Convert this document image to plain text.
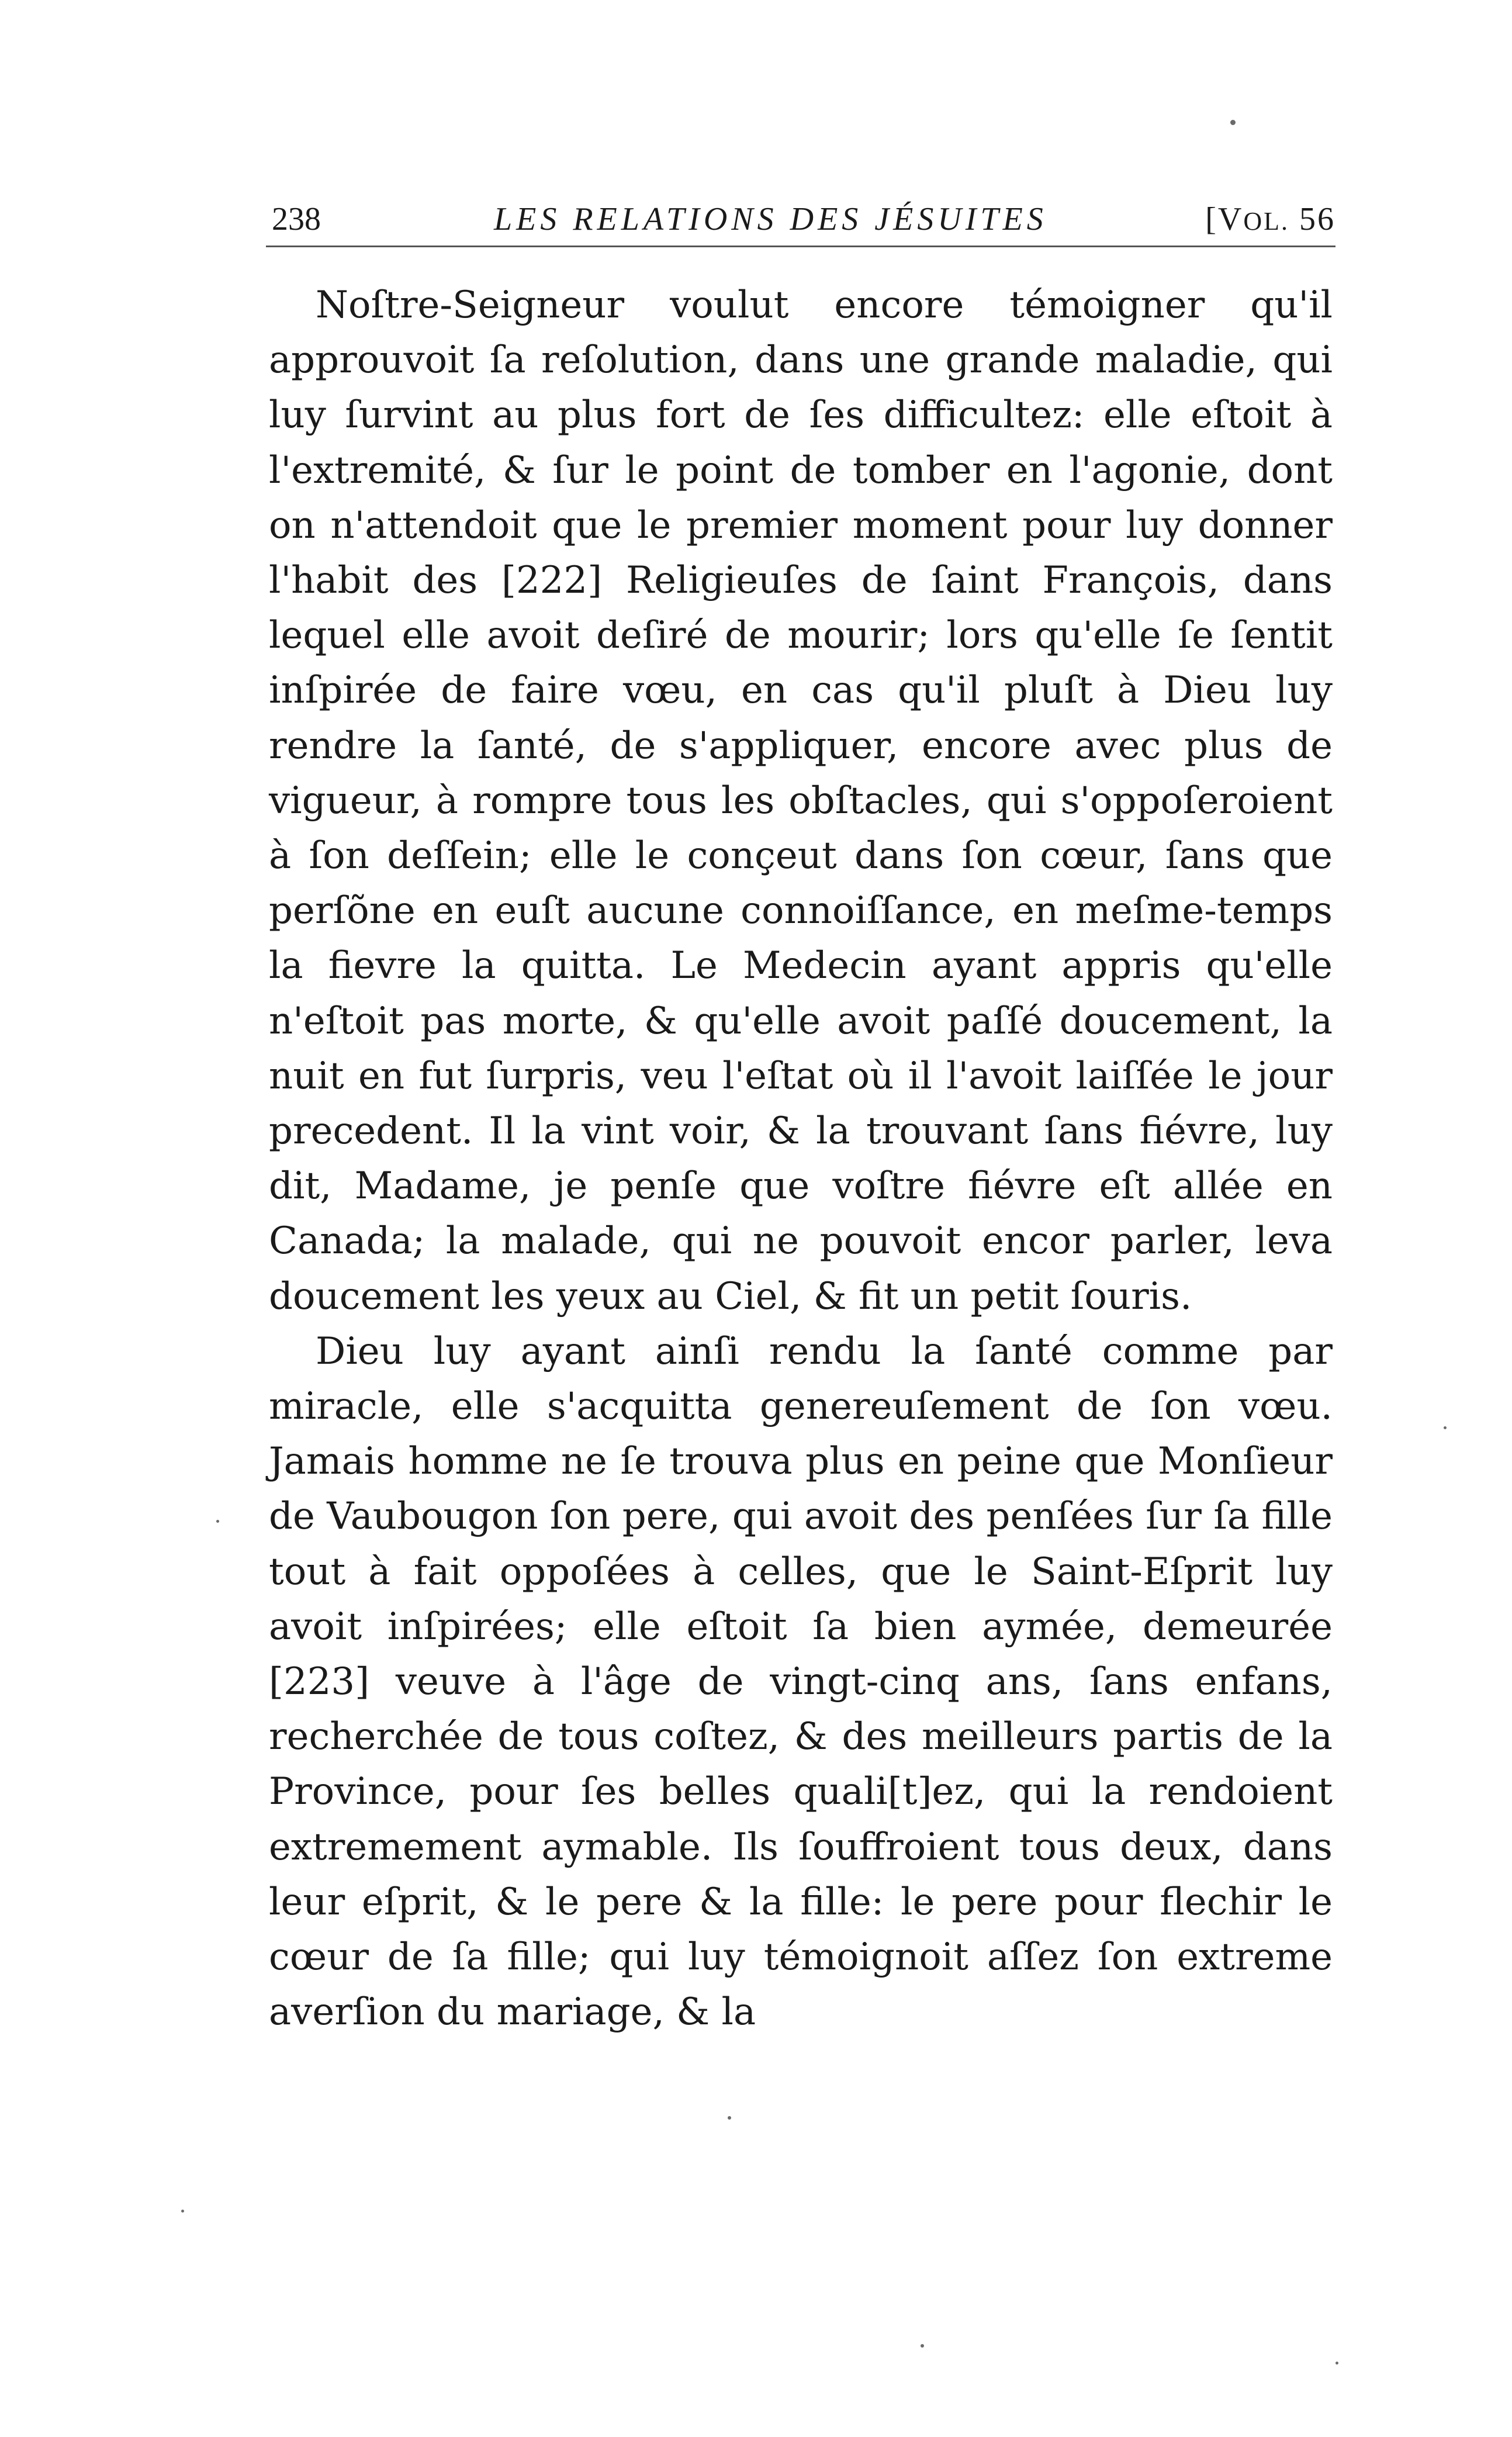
238	LES RELATIONS DES JÉSUITES	[VOL. 56

Noſtre-Seigneur voulut encore témoigner qu'il approuvoit ſa reſolution, dans une grande maladie, qui luy ſurvint au plus fort de ſes difficultez: elle eſtoit à l'extremité, & ſur le point de tomber en l'agonie, dont on n'attendoit que le premier moment pour luy donner l'habit des [222] Religieuſes de ſaint François, dans lequel elle avoit deſiré de mourir; lors qu'elle ſe ſentit inſpirée de faire vœu, en cas qu'il pluſt à Dieu luy rendre la ſanté, de s'appliquer, encore avec plus de vigueur, à rompre tous les obſtacles, qui s'oppoſeroient à ſon deſſein; elle le conçeut dans ſon cœur, ſans que perſõne en euſt aucune connoiſſance, en meſme-temps la fievre la quitta. Le Medecin ayant appris qu'elle n'eſtoit pas morte, & qu'elle avoit paſſé doucement, la nuit en fut ſurpris, veu l'eſtat où il l'avoit laiſſée le jour precedent. Il la vint voir, & la trouvant ſans fiévre, luy dit, Madame, je penſe que voſtre fiévre eſt allée en Canada; la malade, qui ne pouvoit encor parler, leva doucement les yeux au Ciel, & fit un petit ſouris.

Dieu luy ayant ainſi rendu la ſanté comme par miracle, elle s'acquitta genereuſement de ſon vœu. Jamais homme ne ſe trouva plus en peine que Monſieur de Vaubougon ſon pere, qui avoit des penſées ſur ſa fille tout à fait oppoſées à celles, que le Saint-Eſprit luy avoit inſpirées; elle eſtoit ſa bien aymée, demeurée [223] veuve à l'âge de vingt-cinq ans, ſans enfans, recherchée de tous coſtez, & des meilleurs partis de la Province, pour ſes belles quali[t]ez, qui la rendoient extremement aymable. Ils ſouffroient tous deux, dans leur eſprit, & le pere & la fille: le pere pour flechir le cœur de ſa fille; qui luy témoignoit aſſez ſon extreme averſion du mariage, & la
